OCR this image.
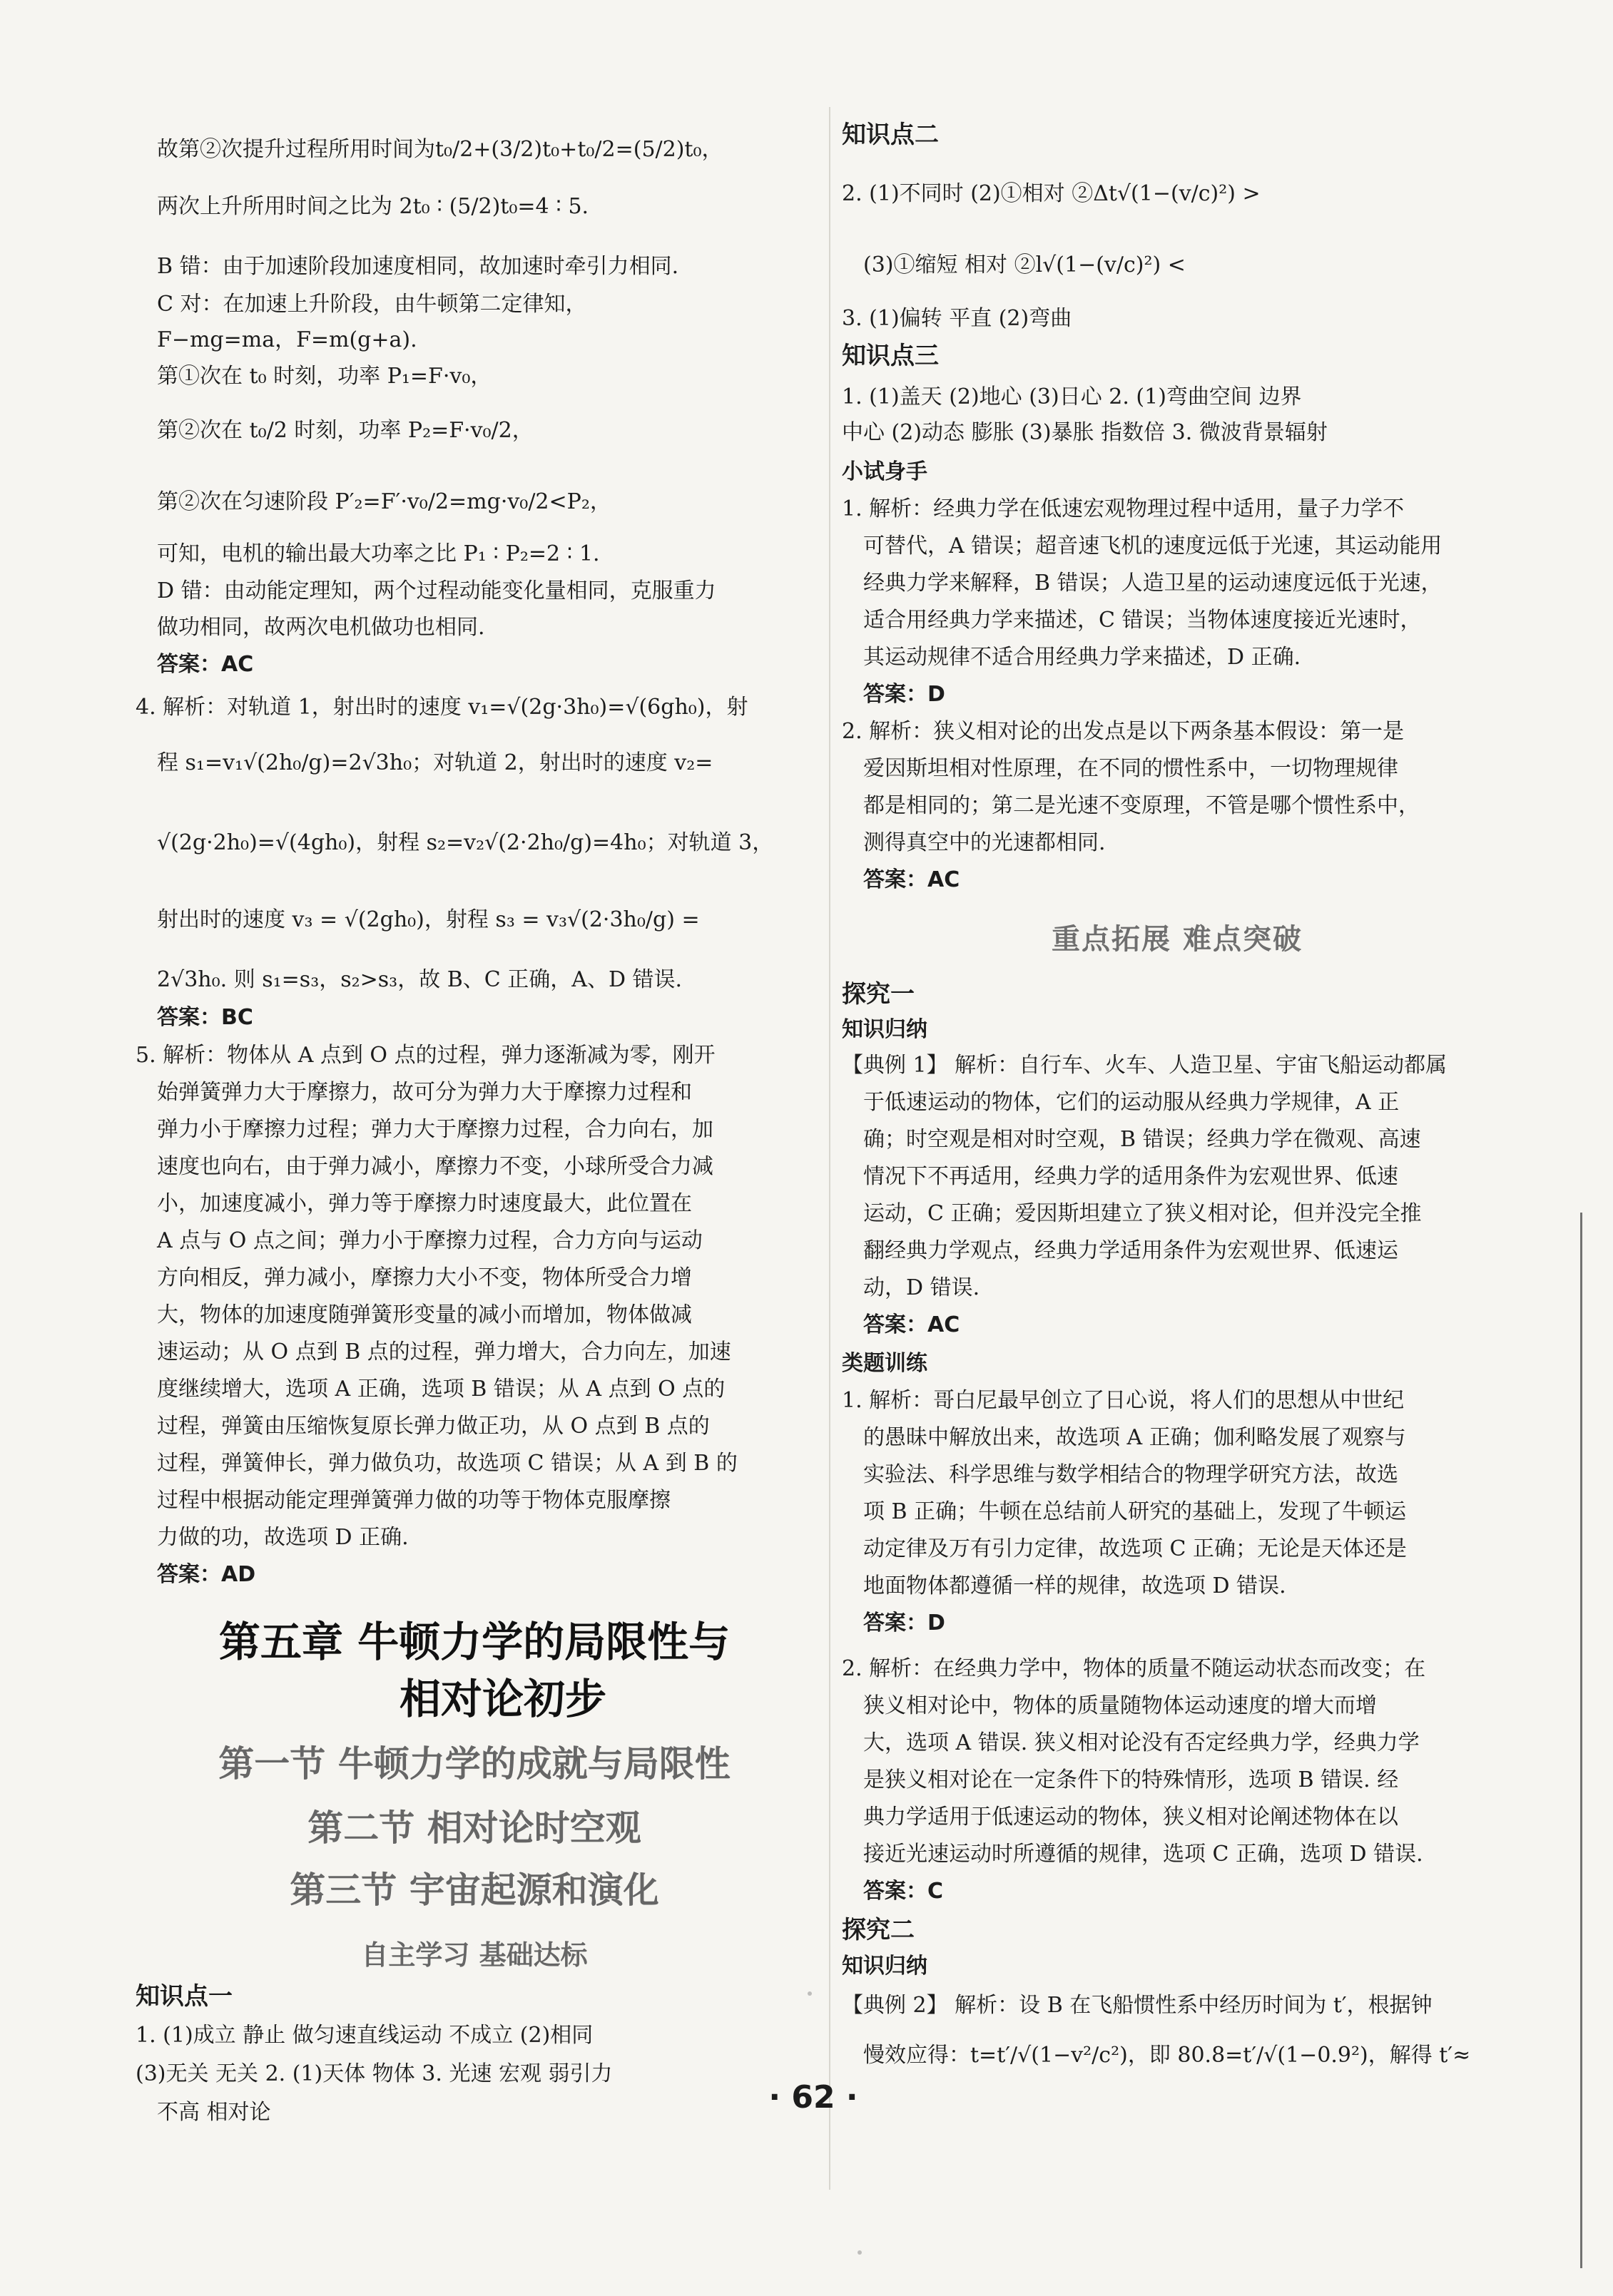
故第②次提升过程所用时间为t₀/2+(3/2)t₀+t₀/2=(5/2)t₀，
两次上升所用时间之比为 2t₀ ∶ (5/2)t₀=4 ∶ 5.
B 错：由于加速阶段加速度相同，故加速时牵引力相同.
C 对：在加速上升阶段，由牛顿第二定律知，
F−mg=ma，F=m(g+a).
第①次在 t₀ 时刻，功率 P₁=F·v₀，
第②次在 t₀/2 时刻，功率 P₂=F·v₀/2，
第②次在匀速阶段 P′₂=F′·v₀/2=mg·v₀/2<P₂，
可知，电机的输出最大功率之比 P₁ ∶ P₂=2 ∶ 1.
D 错：由动能定理知，两个过程动能变化量相同，克服重力
做功相同，故两次电机做功也相同.
答案：AC
4. 解析：对轨道 1，射出时的速度 v₁=√(2g·3h₀)=√(6gh₀)，射
程 s₁=v₁√(2h₀/g)=2√3h₀；对轨道 2，射出时的速度 v₂=
√(2g·2h₀)=√(4gh₀)，射程 s₂=v₂√(2·2h₀/g)=4h₀；对轨道 3，
射出时的速度 v₃ = √(2gh₀)，射程 s₃ = v₃√(2·3h₀/g) =
2√3h₀. 则 s₁=s₃，s₂>s₃，故 B、C 正确，A、D 错误.
答案：BC
5. 解析：物体从 A 点到 O 点的过程，弹力逐渐减为零，刚开
始弹簧弹力大于摩擦力，故可分为弹力大于摩擦力过程和
弹力小于摩擦力过程；弹力大于摩擦力过程，合力向右，加
速度也向右，由于弹力减小，摩擦力不变，小球所受合力减
小，加速度减小，弹力等于摩擦力时速度最大，此位置在
A 点与 O 点之间；弹力小于摩擦力过程，合力方向与运动
方向相反，弹力减小，摩擦力大小不变，物体所受合力增
大，物体的加速度随弹簧形变量的减小而增加，物体做减
速运动；从 O 点到 B 点的过程，弹力增大，合力向左，加速
度继续增大，选项 A 正确，选项 B 错误；从 A 点到 O 点的
过程，弹簧由压缩恢复原长弹力做正功，从 O 点到 B 点的
过程，弹簧伸长，弹力做负功，故选项 C 错误；从 A 到 B 的
过程中根据动能定理弹簧弹力做的功等于物体克服摩擦
力做的功，故选项 D 正确.
答案：AD
第五章 牛顿力学的局限性与
相对论初步
第一节 牛顿力学的成就与局限性
第二节 相对论时空观
第三节 宇宙起源和演化
自主学习 基础达标
知识点一
1. (1)成立 静止 做匀速直线运动 不成立 (2)相同
(3)无关 无关 2. (1)天体 物体 3. 光速 宏观 弱引力
不高 相对论
知识点二
2. (1)不同时 (2)①相对 ②Δt√(1−(v/c)²) >
(3)①缩短 相对 ②l√(1−(v/c)²) <
3. (1)偏转 平直 (2)弯曲
知识点三
1. (1)盖天 (2)地心 (3)日心 2. (1)弯曲空间 边界
中心 (2)动态 膨胀 (3)暴胀 指数倍 3. 微波背景辐射
小试身手
1. 解析：经典力学在低速宏观物理过程中适用，量子力学不
可替代，A 错误；超音速飞机的速度远低于光速，其运动能用
经典力学来解释，B 错误；人造卫星的运动速度远低于光速，
适合用经典力学来描述，C 错误；当物体速度接近光速时，
其运动规律不适合用经典力学来描述，D 正确.
答案：D
2. 解析：狭义相对论的出发点是以下两条基本假设：第一是
爱因斯坦相对性原理，在不同的惯性系中，一切物理规律
都是相同的；第二是光速不变原理，不管是哪个惯性系中，
测得真空中的光速都相同.
答案：AC
重点拓展 难点突破
探究一
知识归纳
【典例 1】 解析：自行车、火车、人造卫星、宇宙飞船运动都属
于低速运动的物体，它们的运动服从经典力学规律，A 正
确；时空观是相对时空观，B 错误；经典力学在微观、高速
情况下不再适用，经典力学的适用条件为宏观世界、低速
运动，C 正确；爱因斯坦建立了狭义相对论，但并没完全推
翻经典力学观点，经典力学适用条件为宏观世界、低速运
动，D 错误.
答案：AC
类题训练
1. 解析：哥白尼最早创立了日心说，将人们的思想从中世纪
的愚昧中解放出来，故选项 A 正确；伽利略发展了观察与
实验法、科学思维与数学相结合的物理学研究方法，故选
项 B 正确；牛顿在总结前人研究的基础上，发现了牛顿运
动定律及万有引力定律，故选项 C 正确；无论是天体还是
地面物体都遵循一样的规律，故选项 D 错误.
答案：D
2. 解析：在经典力学中，物体的质量不随运动状态而改变；在
狭义相对论中，物体的质量随物体运动速度的增大而增
大，选项 A 错误. 狭义相对论没有否定经典力学，经典力学
是狭义相对论在一定条件下的特殊情形，选项 B 错误. 经
典力学适用于低速运动的物体，狭义相对论阐述物体在以
接近光速运动时所遵循的规律，选项 C 正确，选项 D 错误.
答案：C
探究二
知识归纳
【典例 2】 解析：设 B 在飞船惯性系中经历时间为 t′，根据钟
慢效应得：t=t′/√(1−v²/c²)，即 80.8=t′/√(1−0.9²)，解得 t′≈
· 62 ·
